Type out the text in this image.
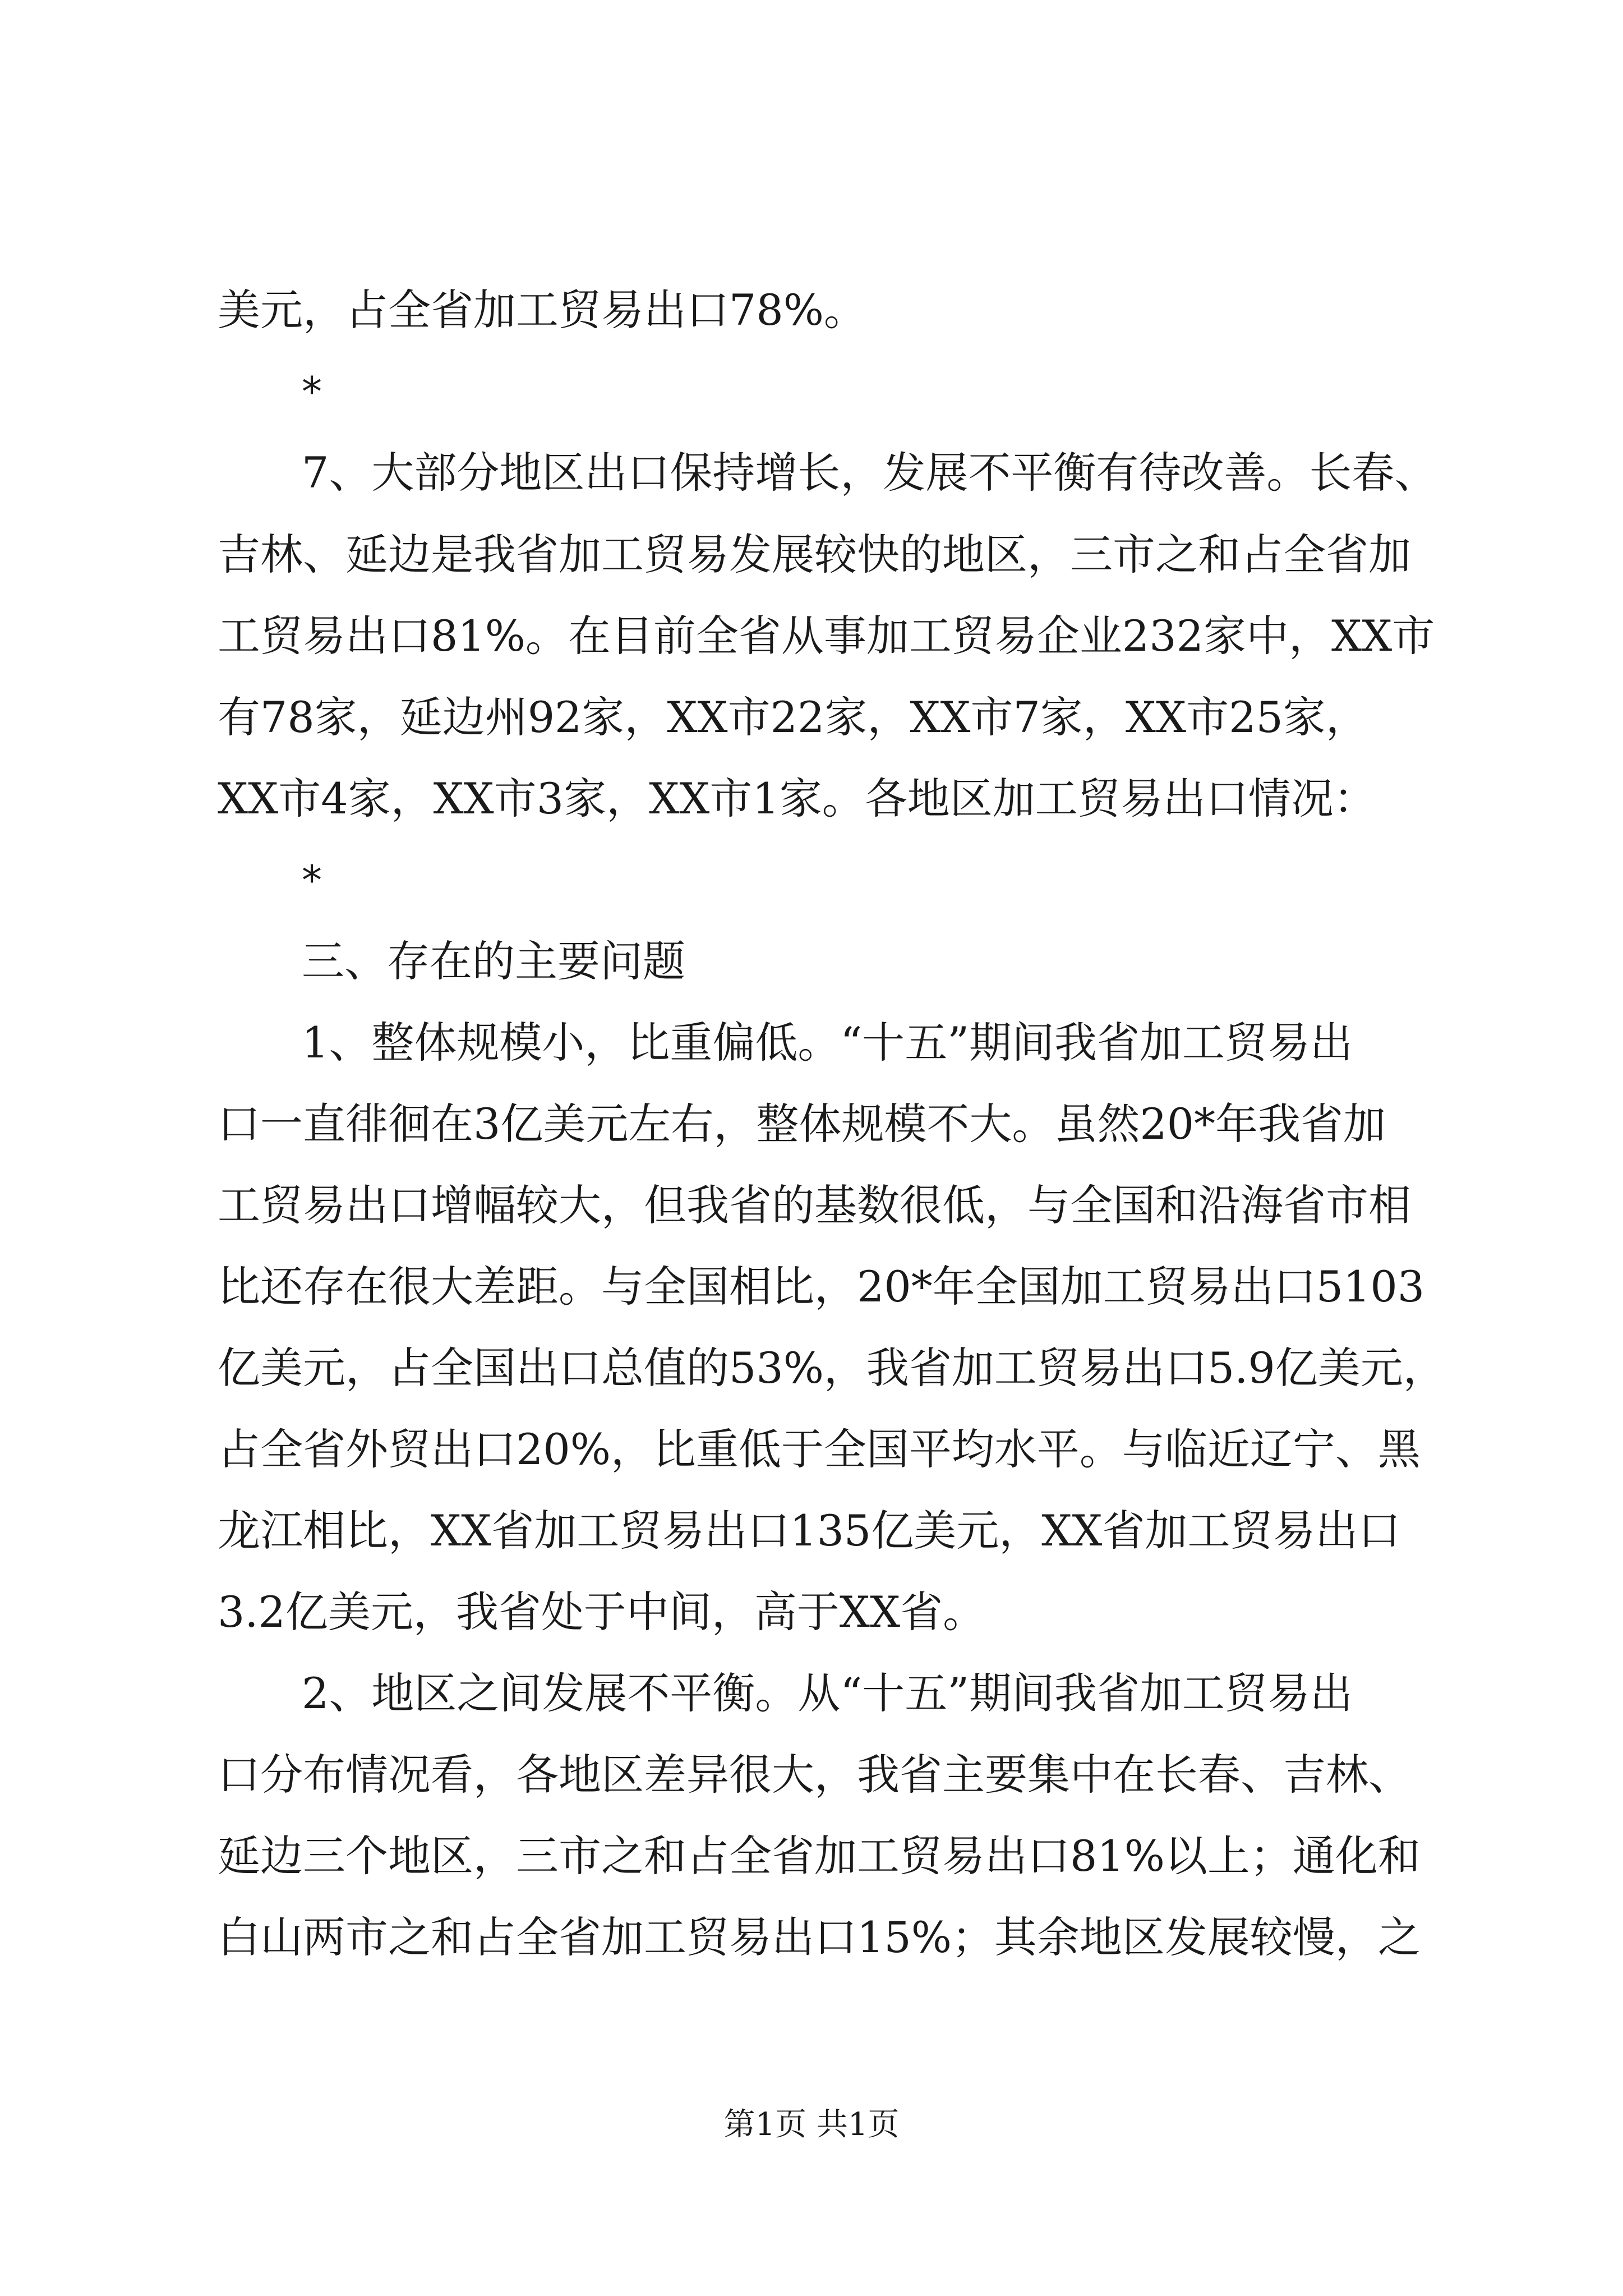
美元，占全省加工贸易出口78%。
*
7、大部分地区出口保持增长，发展不平衡有待改善。长春、
吉林、延边是我省加工贸易发展较快的地区，三市之和占全省加
工贸易出口81%。在目前全省从事加工贸易企业232家中，XX市
有78家，延边州92家，XX市22家，XX市7家，XX市25家，
XX市4家，XX市3家，XX市1家。各地区加工贸易出口情况：
*
三、存在的主要问题
1、整体规模小，比重偏低。“十五”期间我省加工贸易出
口一直徘徊在3亿美元左右，整体规模不大。虽然20*年我省加
工贸易出口增幅较大，但我省的基数很低，与全国和沿海省市相
比还存在很大差距。与全国相比，20*年全国加工贸易出口5103
亿美元，占全国出口总值的53%，我省加工贸易出口5.9亿美元，
占全省外贸出口20%，比重低于全国平均水平。与临近辽宁、黑
龙江相比，XX省加工贸易出口135亿美元，XX省加工贸易出口
3.2亿美元，我省处于中间，高于XX省。
2、地区之间发展不平衡。从“十五”期间我省加工贸易出
口分布情况看，各地区差异很大，我省主要集中在长春、吉林、
延边三个地区，三市之和占全省加工贸易出口81%以上；通化和
白山两市之和占全省加工贸易出口15%；其余地区发展较慢，之
第1页 共1页
